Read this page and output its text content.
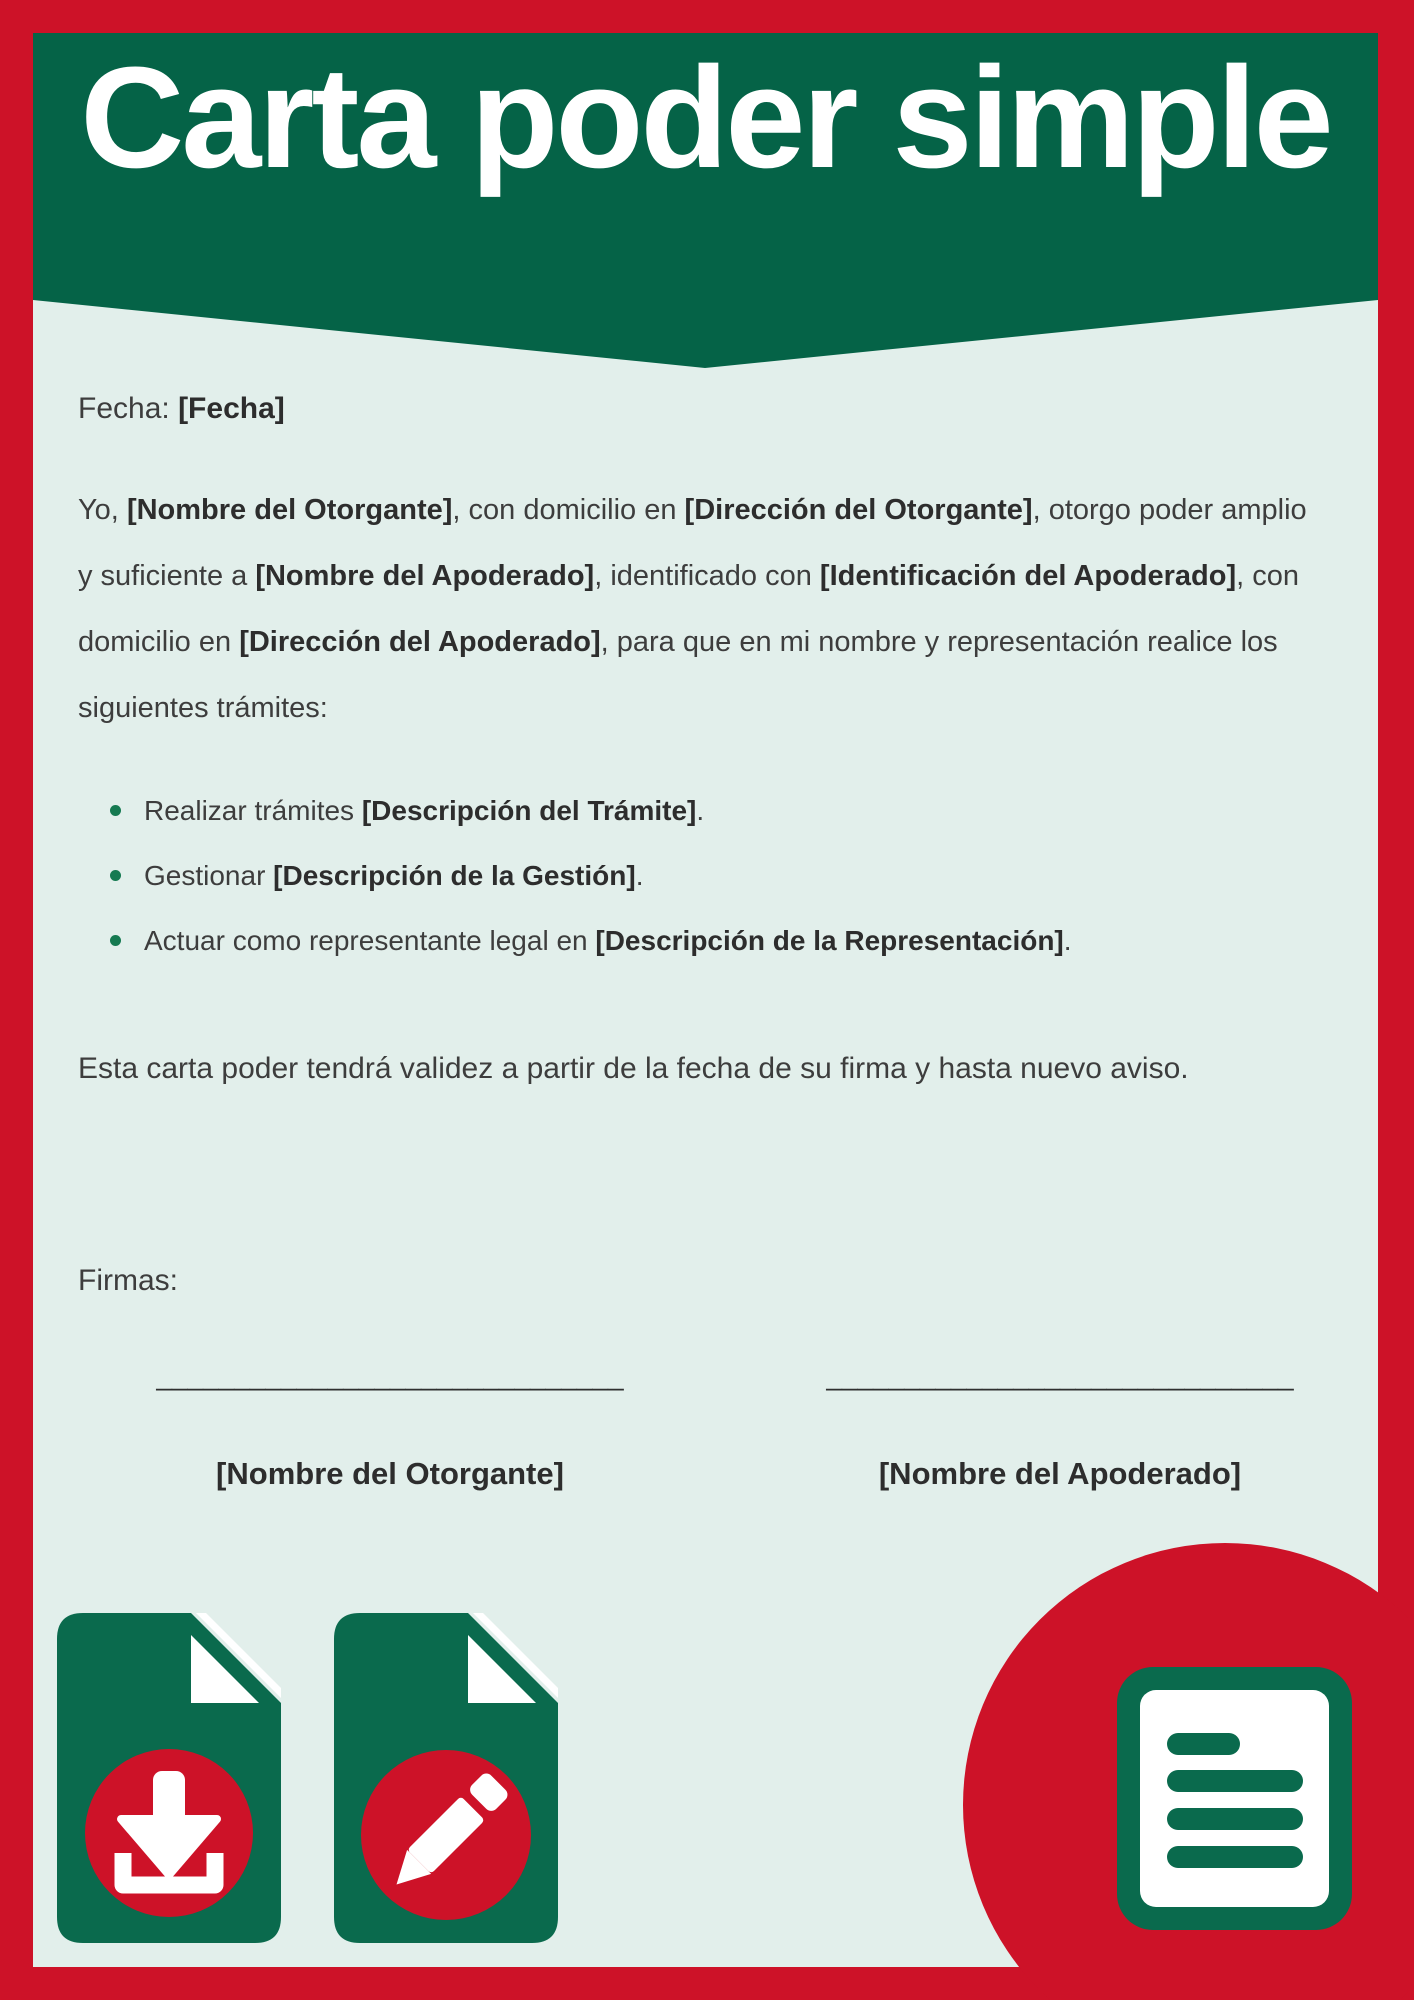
Carta poder simple
Fecha: [Fecha]
Yo, [Nombre del Otorgante], con domicilio en [Dirección del Otorgante], otorgo poder amplio y suficiente a [Nombre del Apoderado], identificado con [Identificación del Apoderado], con domicilio en [Dirección del Apoderado], para que en mi nombre y representación realice los siguientes trámites:
Realizar trámites [Descripción del Trámite].
Gestionar [Descripción de la Gestión].
Actuar como representante legal en [Descripción de la Representación].
Esta carta poder tendrá validez a partir de la fecha de su firma y hasta nuevo aviso.
Firmas:
______________________________
[Nombre del Otorgante]
______________________________
[Nombre del Apoderado]
